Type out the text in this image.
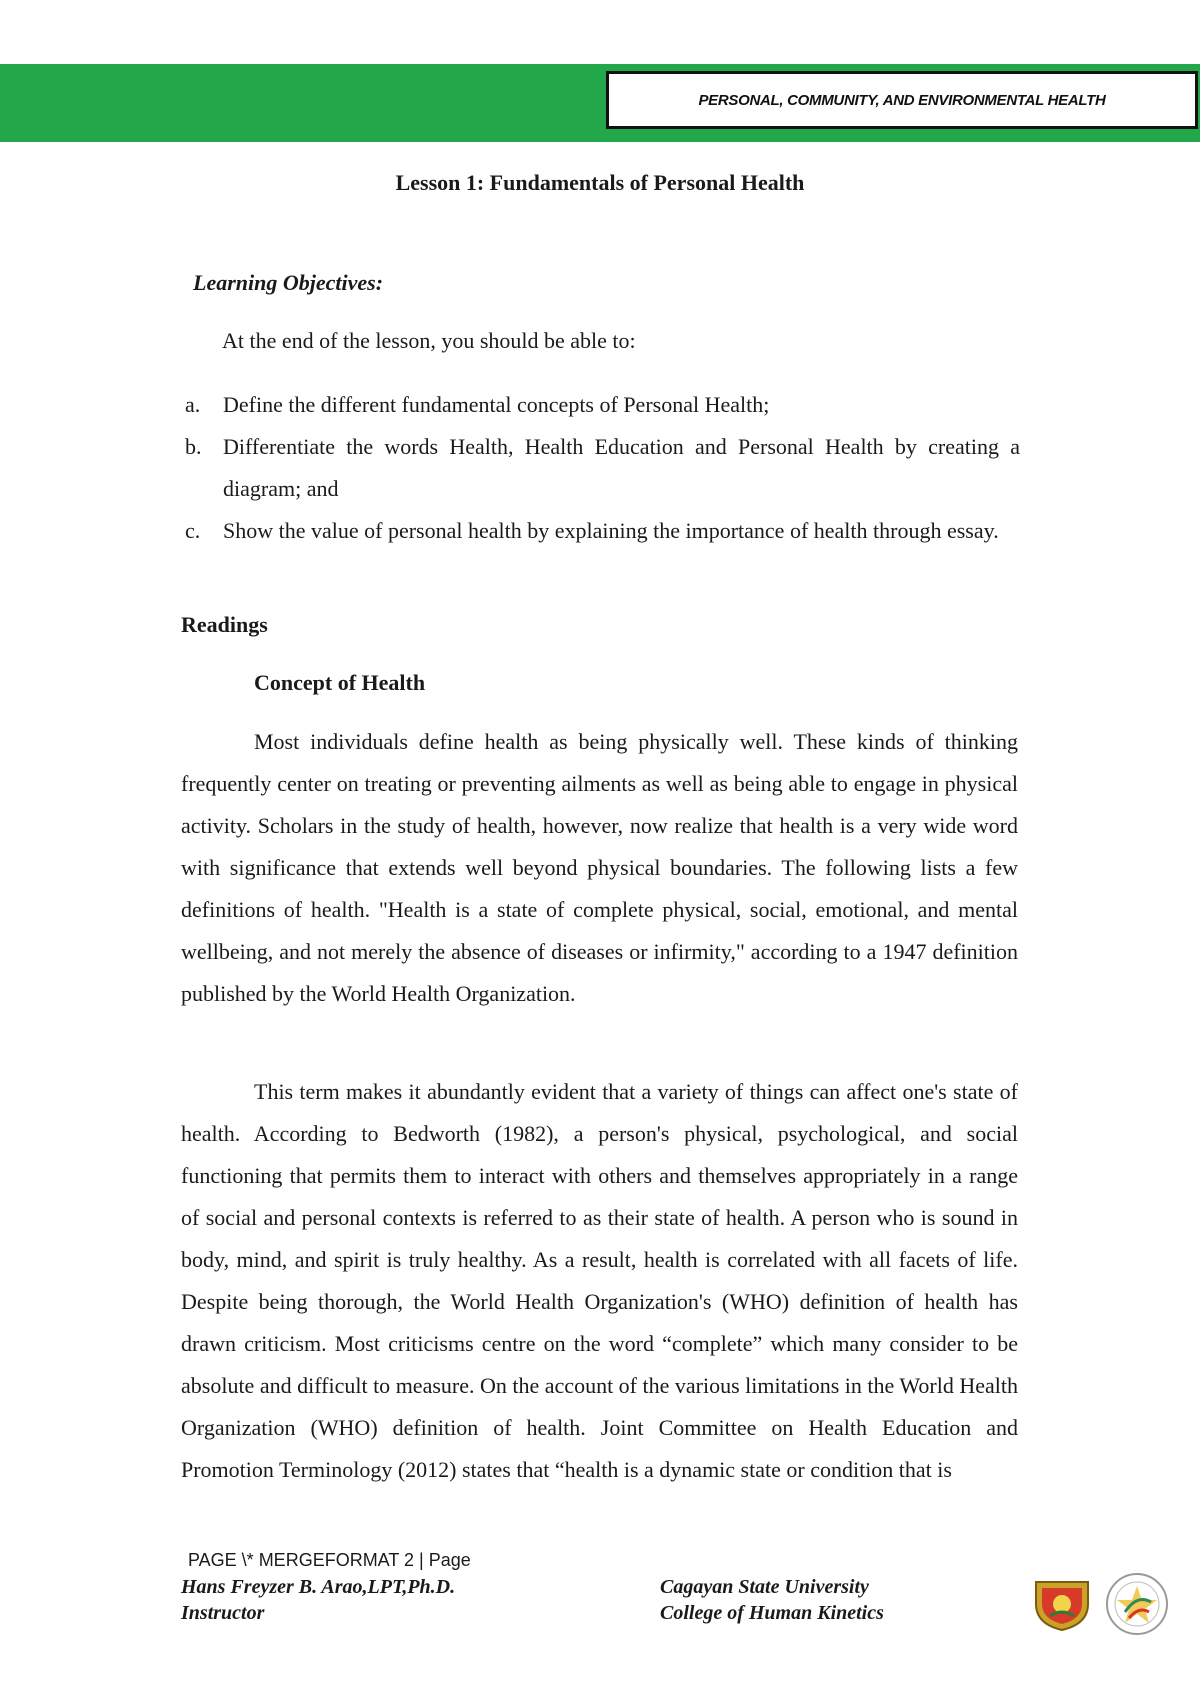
PERSONAL, COMMUNITY, AND ENVIRONMENTAL HEALTH
Lesson 1: Fundamentals of Personal Health
Learning Objectives:
At the end of the lesson, you should be able to:
a.	Define the different fundamental concepts of Personal Health;
b. Differentiate the words Health, Health Education and Personal Health by creating a diagram; and
c.	Show the value of personal health by explaining the importance of health through essay.
Readings
Concept of Health

Most individuals define health as being physically well. These kinds of thinking frequently center on treating or preventing ailments as well as being able to engage in physical activity. Scholars in the study of health, however, now realize that health is a very wide word with significance that extends well beyond physical boundaries. The following lists a few definitions of health. "Health is a state of complete physical, social, emotional, and mental wellbeing, and not merely the absence of diseases or infirmity," according to a 1947 definition published by the World Health Organization.

This term makes it abundantly evident that a variety of things can affect one's state of health. According to Bedworth (1982), a person's physical, psychological, and social functioning that permits them to interact with others and themselves appropriately in a range of social and personal contexts is referred to as their state of health. A person who is sound in body, mind, and spirit is truly healthy. As a result, health is correlated with all facets of life. Despite being thorough, the World Health Organization's (WHO) definition of health has drawn criticism. Most criticisms centre on the word “complete” which many consider to be absolute and difficult to measure. On the account of the various limitations in the World Health Organization (WHO) definition of health. Joint Committee on Health Education and Promotion Terminology (2012) states that “health is a dynamic state or condition that is

PAGE \* MERGEFORMAT 2 | Page
Hans Freyzer B. Arao,LPT,Ph.D.
Instructor
Cagayan State University
College of Human Kinetics
